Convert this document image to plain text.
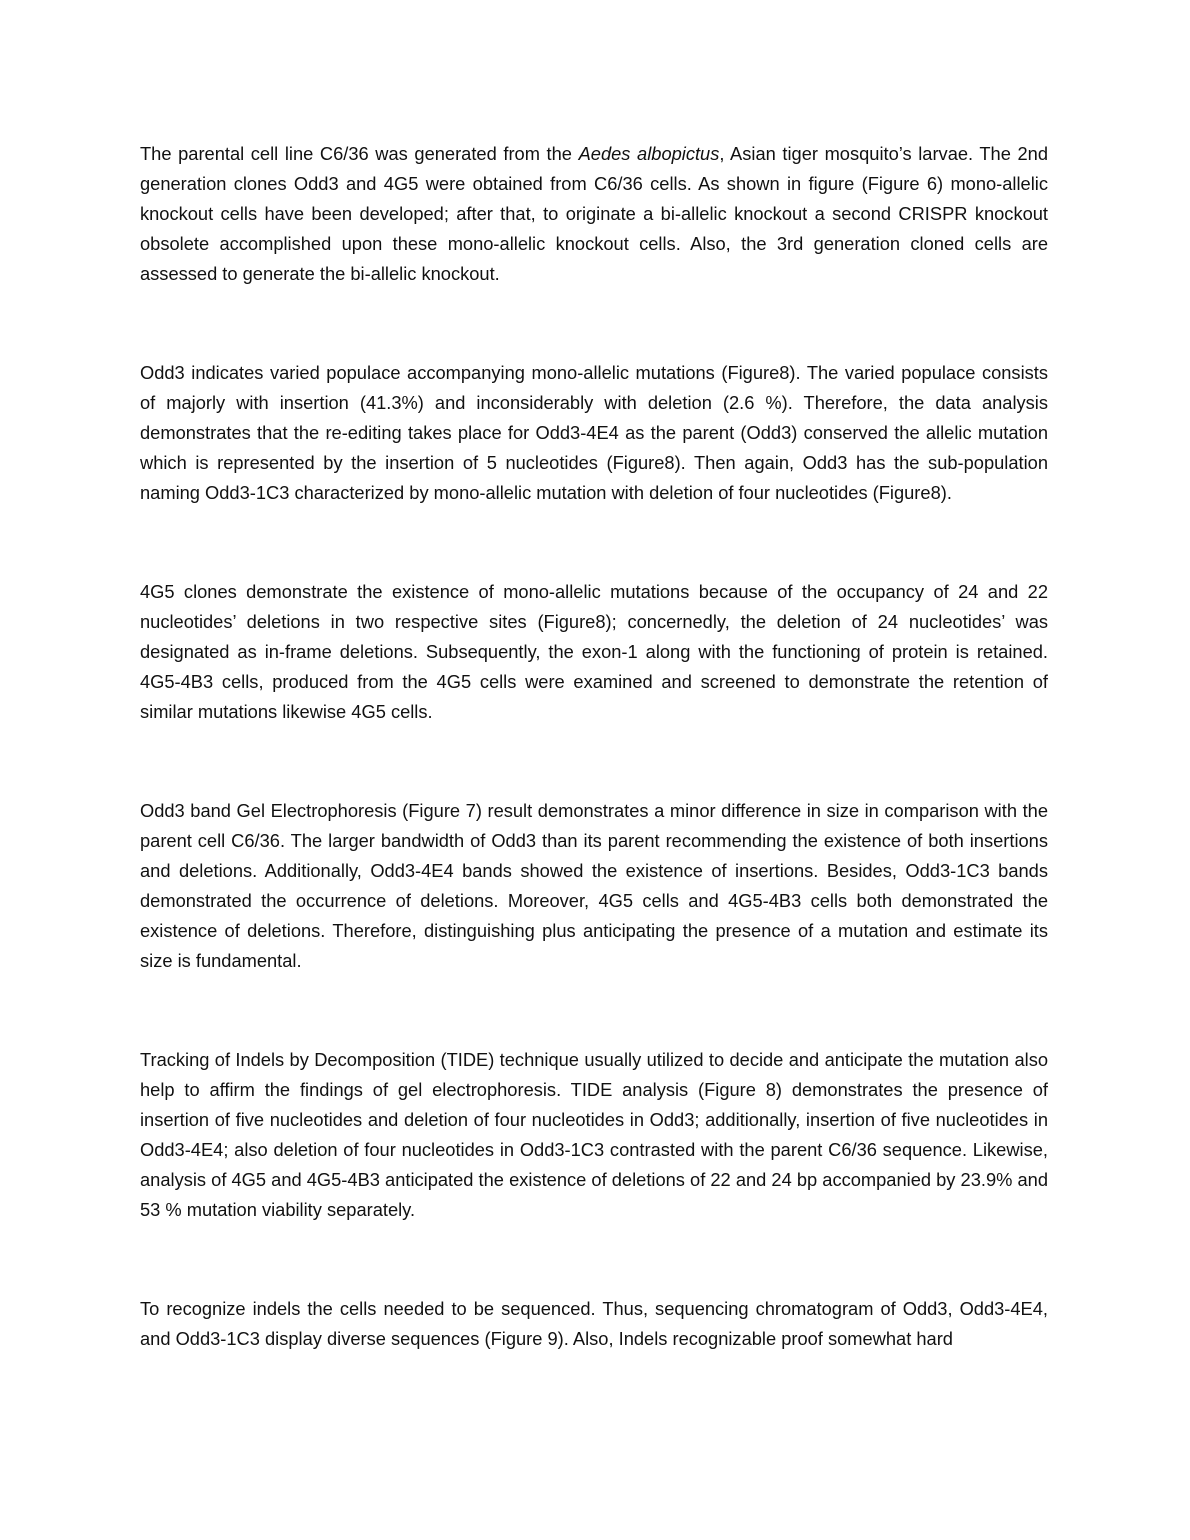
The parental cell line C6/36 was generated from the Aedes albopictus, Asian tiger mosquito’s larvae. The 2nd generation clones Odd3 and 4G5 were obtained from C6/36 cells. As shown in figure (Figure 6) mono-allelic knockout cells have been developed; after that, to originate a bi-allelic knockout a second CRISPR knockout obsolete accomplished upon these mono-allelic knockout cells. Also, the 3rd generation cloned cells are assessed to generate the bi-allelic knockout.

Odd3 indicates varied populace accompanying mono-allelic mutations (Figure8). The varied populace consists of majorly with insertion (41.3%) and inconsiderably with deletion (2.6 %). Therefore, the data analysis demonstrates that the re-editing takes place for Odd3-4E4 as the parent (Odd3) conserved the allelic mutation which is represented by the insertion of 5 nucleotides (Figure8). Then again, Odd3 has the sub-population naming Odd3-1C3 characterized by mono-allelic mutation with deletion of four nucleotides (Figure8).

4G5 clones demonstrate the existence of mono-allelic mutations because of the occupancy of 24 and 22 nucleotides’ deletions in two respective sites (Figure8); concernedly, the deletion of 24 nucleotides’ was designated as in-frame deletions. Subsequently, the exon-1 along with the functioning of protein is retained. 4G5-4B3 cells, produced from the 4G5 cells were examined and screened to demonstrate the retention of similar mutations likewise 4G5 cells.

Odd3 band Gel Electrophoresis (Figure 7) result demonstrates a minor difference in size in comparison with the parent cell C6/36. The larger bandwidth of Odd3 than its parent recommending the existence of both insertions and deletions. Additionally, Odd3-4E4 bands showed the existence of insertions. Besides, Odd3-1C3 bands demonstrated the occurrence of deletions. Moreover, 4G5 cells and 4G5-4B3 cells both demonstrated the existence of deletions. Therefore, distinguishing plus anticipating the presence of a mutation and estimate its size is fundamental.

Tracking of Indels by Decomposition (TIDE) technique usually utilized to decide and anticipate the mutation also help to affirm the findings of gel electrophoresis. TIDE analysis (Figure 8) demonstrates the presence of insertion of five nucleotides and deletion of four nucleotides in Odd3; additionally, insertion of five nucleotides in Odd3-4E4; also deletion of four nucleotides in Odd3-1C3 contrasted with the parent C6/36 sequence. Likewise, analysis of 4G5 and 4G5-4B3 anticipated the existence of deletions of 22 and 24 bp accompanied by 23.9% and 53 % mutation viability separately.

To recognize indels the cells needed to be sequenced. Thus, sequencing chromatogram of Odd3, Odd3-4E4, and Odd3-1C3 display diverse sequences (Figure 9). Also, Indels recognizable proof somewhat hard
